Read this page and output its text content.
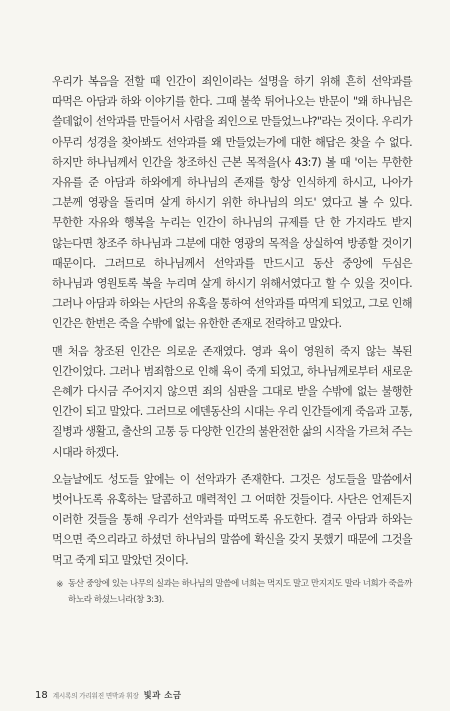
우리가 복음을 전할 때 인간이 죄인이라는 설명을 하기 위해 흔히 선악과를 따먹은 아담과 하와 이야기를 한다. 그때 불쑥 튀어나오는 반문이 "왜 하나님은 쓸데없이 선악과를 만들어서 사람을 죄인으로 만들었느냐?"라는 것이다. 우리가 아무리 성경을 찾아봐도 선악과를 왜 만들었는가에 대한 해답은 찾을 수 없다. 하지만 하나님께서 인간을 창조하신 근본 목적을(사 43:7) 볼 때 '이는 무한한 자유를 준 아담과 하와에게 하나님의 존재를 항상 인식하게 하시고, 나아가 그분께 영광을 돌리며 살게 하시기 위한 하나님의 의도' 였다고 볼 수 있다. 무한한 자유와 행복을 누리는 인간이 하나님의 규제를 단 한 가지라도 받지 않는다면 창조주 하나님과 그분에 대한 영광의 목적을 상실하여 방종할 것이기 때문이다. 그러므로 하나님께서 선악과를 만드시고 동산 중앙에 두심은 하나님과 영원토록 복을 누리며 살게 하시기 위해서였다고 할 수 있을 것이다. 그러나 아담과 하와는 사단의 유혹을 통하여 선악과를 따먹게 되었고, 그로 인해 인간은 한번은 죽을 수밖에 없는 유한한 존재로 전락하고 말았다.

맨 처음 창조된 인간은 의로운 존재였다. 영과 육이 영원히 죽지 않는 복된 인간이었다. 그러나 범죄함으로 인해 육이 죽게 되었고, 하나님께로부터 새로운 은혜가 다시금 주어지지 않으면 죄의 심판을 그대로 받을 수밖에 없는 불행한 인간이 되고 말았다. 그러므로 에덴동산의 시대는 우리 인간들에게 죽음과 고통, 질병과 생활고, 출산의 고통 등 다양한 인간의 불완전한 삶의 시작을 가르쳐 주는 시대라 하겠다.

오늘날에도 성도들 앞에는 이 선악과가 존재한다. 그것은 성도들을 말씀에서 벗어나도록 유혹하는 달콤하고 매력적인 그 어떠한 것들이다. 사단은 언제든지 이러한 것들을 통해 우리가 선악과를 따먹도록 유도한다. 결국 아담과 하와는 먹으면 죽으리라고 하셨던 하나님의 말씀에 확신을 갖지 못했기 때문에 그것을 먹고 죽게 되고 말았던 것이다.

※ 동산 중앙에 있는 나무의 실과는 하나님의 말씀에 너희는 먹지도 말고 만지지도 말라 너희가 죽을까 하노라 하셨느니라(창 3:3).

18 계시록의 가리워진 면박과 휘장 빛과 소금
